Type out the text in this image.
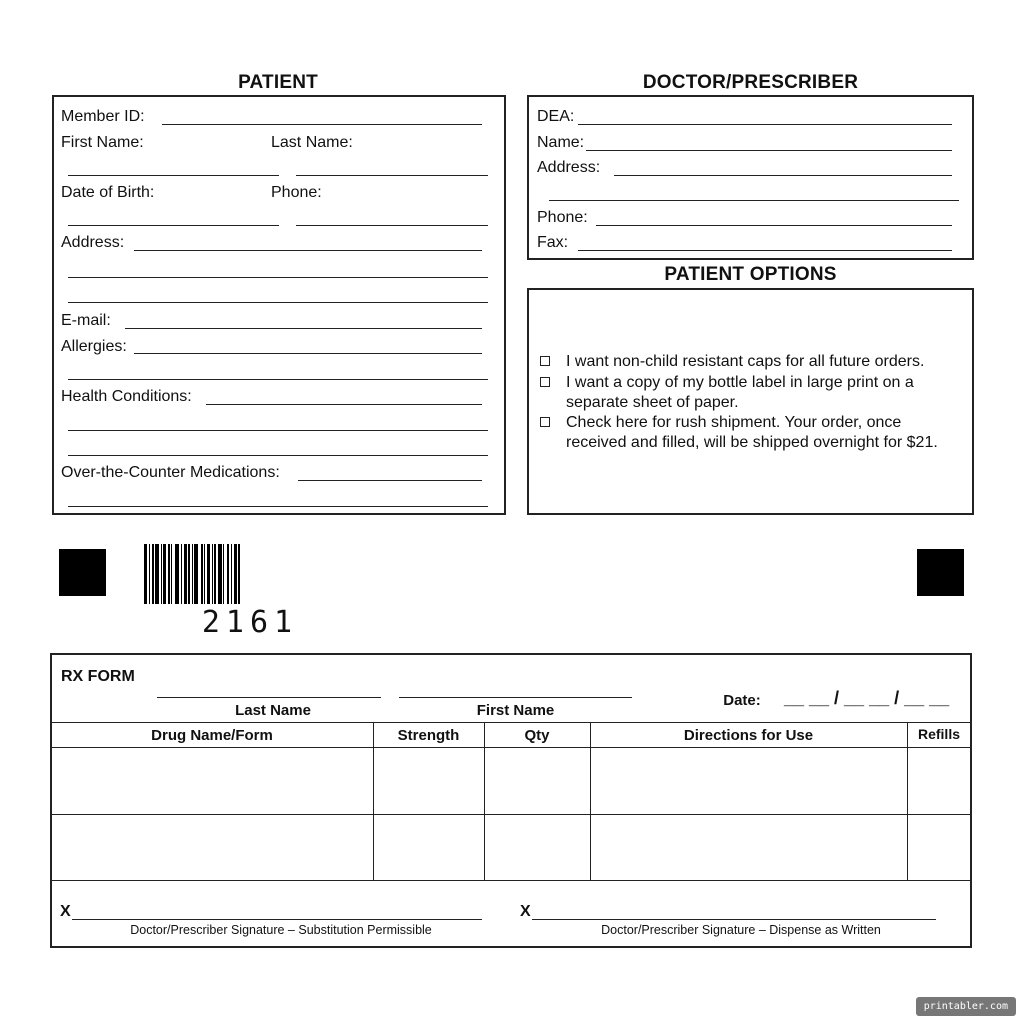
PATIENT
Member ID:
First Name:	Last Name:
Date of Birth:	Phone:
Address:
E-mail:
Allergies:
Health Conditions:
Over-the-Counter Medications:
DOCTOR/PRESCRIBER
DEA:
Name:
Address:
Phone:
Fax:
PATIENT OPTIONS
I want non-child resistant caps for all future orders.
I want a copy of my bottle label in large print on a separate sheet of paper.
Check here for rush shipment. Your order, once received and filled, will be shipped overnight for $21.
2161
RX FORM
Last Name	First Name
Date:	__ __ / __ __ / __ __
Drug Name/Form	Strength	Qty	Directions for Use	Refills
X
Doctor/Prescriber Signature – Substitution Permissible
X
Doctor/Prescriber Signature – Dispense as Written
printabler.com
